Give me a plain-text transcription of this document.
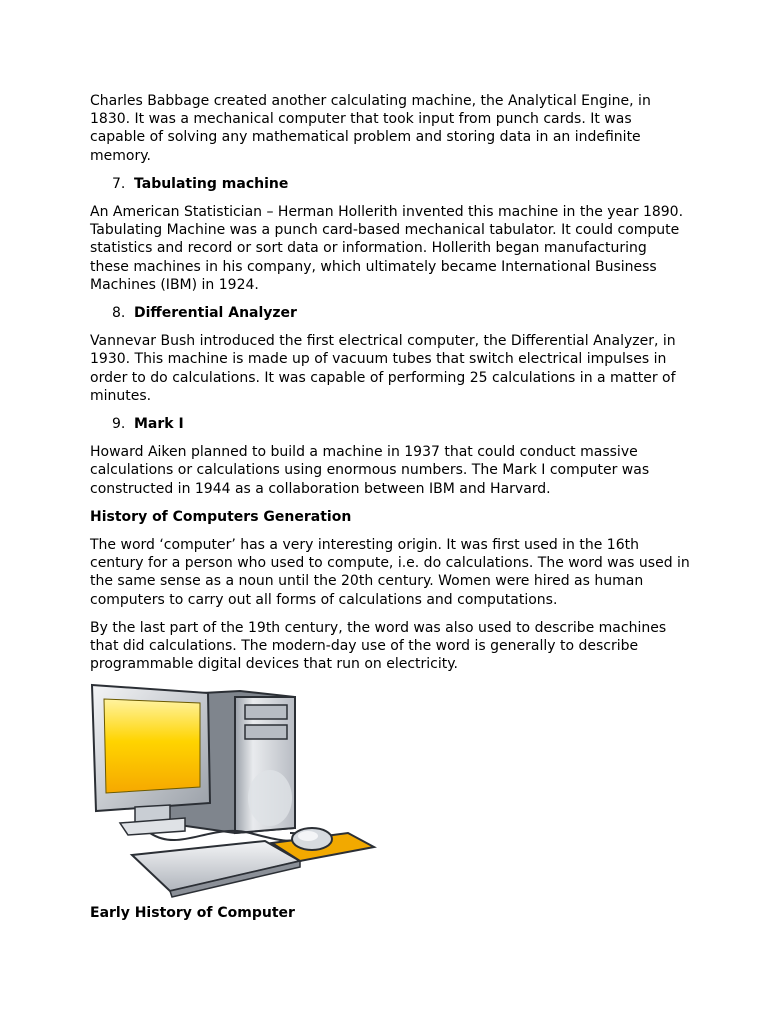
Charles Babbage created another calculating machine, the Analytical Engine, in 1830. It was a mechanical computer that took input from punch cards. It was capable of solving any mathematical problem and storing data in an indefinite memory.

7. Tabulating machine

An American Statistician – Herman Hollerith invented this machine in the year 1890. Tabulating Machine was a punch card-based mechanical tabulator. It could compute statistics and record or sort data or information. Hollerith began manufacturing these machines in his company, which ultimately became International Business Machines (IBM) in 1924.

8. Differential Analyzer

Vannevar Bush introduced the first electrical computer, the Differential Analyzer, in 1930. This machine is made up of vacuum tubes that switch electrical impulses in order to do calculations. It was capable of performing 25 calculations in a matter of minutes.

9. Mark I

Howard Aiken planned to build a machine in 1937 that could conduct massive calculations or calculations using enormous numbers. The Mark I computer was constructed in 1944 as a collaboration between IBM and Harvard.

History of Computers Generation

The word ‘computer’ has a very interesting origin. It was first used in the 16th century for a person who used to compute, i.e. do calculations. The word was used in the same sense as a noun until the 20th century. Women were hired as human computers to carry out all forms of calculations and computations.

By the last part of the 19th century, the word was also used to describe machines that did calculations. The modern-day use of the word is generally to describe programmable digital devices that run on electricity.

Early History of Computer
